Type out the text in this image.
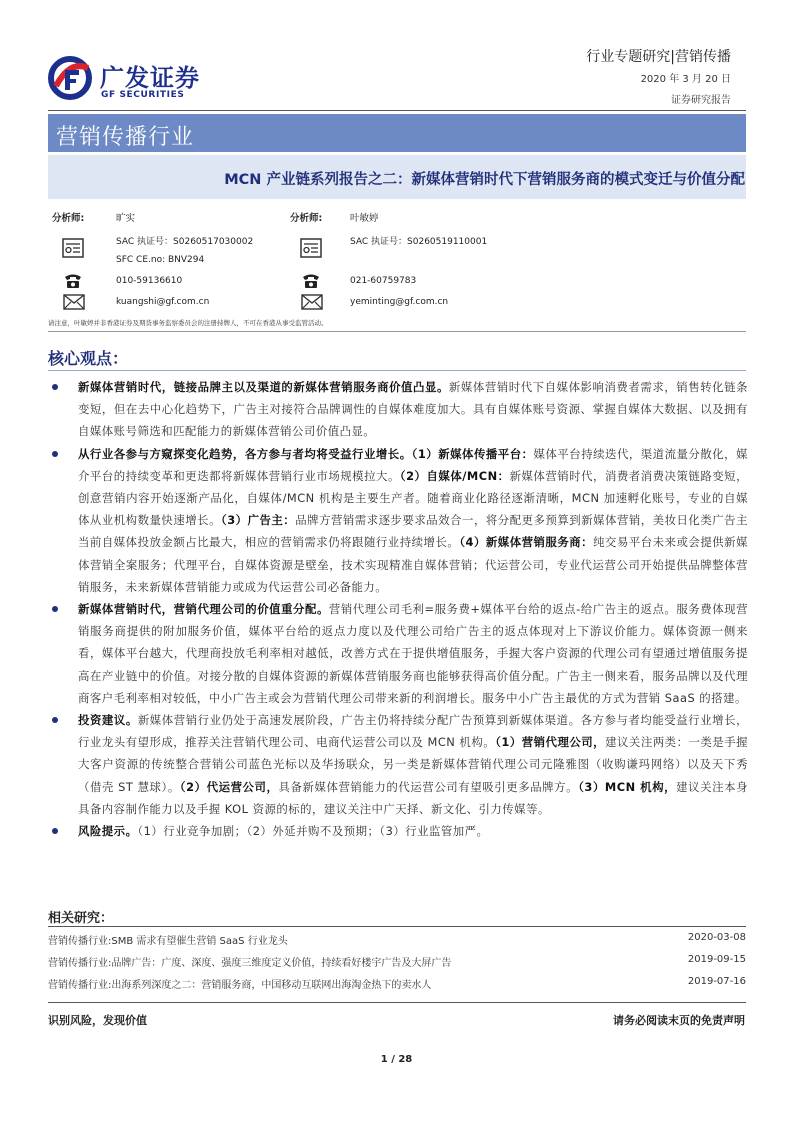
广发证券
GF SECURITIES
行业专题研究|营销传播
2020 年 3 月 20 日
证券研究报告
营销传播行业
MCN 产业链系列报告之二：新媒体营销时代下营销服务商的模式变迁与价值分配
分析师:	旷实
SAC 执证号：S0260517030002
SFC CE.no: BNV294
010-59136610
kuangshi@gf.com.cn
分析师:	叶敏婷
SAC 执证号：S0260519110001
021-60759783
yeminting@gf.com.cn
请注意，叶敏婷并非香港证券及期货事务监察委员会的注册持牌人，不可在香港从事受监管活动。
核心观点：
新媒体营销时代，链接品牌主以及渠道的新媒体营销服务商价值凸显。新媒体营销时代下自媒体影响消费者需求，销售转化链条变短，但在去中心化趋势下，广告主对接符合品牌调性的自媒体难度加大。具有自媒体账号资源、掌握自媒体大数据、以及拥有自媒体账号筛选和匹配能力的新媒体营销公司价值凸显。
从行业各参与方窥探变化趋势，各方参与者均将受益行业增长。（1）新媒体传播平台：媒体平台持续迭代，渠道流量分散化，媒介平台的持续变革和更迭都将新媒体营销行业市场规模拉大。（2）自媒体/MCN：新媒体营销时代，消费者消费决策链路变短，创意营销内容开始逐渐产品化，自媒体/MCN 机构是主要生产者。随着商业化路径逐渐清晰，MCN 加速孵化账号，专业的自媒体从业机构数量快速增长。（3）广告主：品牌方营销需求逐步要求品效合一，将分配更多预算到新媒体营销，美妆日化类广告主当前自媒体投放金额占比最大，相应的营销需求仍将跟随行业持续增长。（4）新媒体营销服务商：纯交易平台未来或会提供新媒体营销全案服务；代理平台，自媒体资源是壁垒，技术实现精准自媒体营销；代运营公司，专业代运营公司开始提供品牌整体营销服务，未来新媒体营销能力或成为代运营公司必备能力。
新媒体营销时代，营销代理公司的价值重分配。营销代理公司毛利=服务费+媒体平台给的返点-给广告主的返点。服务费体现营销服务商提供的附加服务价值，媒体平台给的返点力度以及代理公司给广告主的返点体现对上下游议价能力。媒体资源一侧来看，媒体平台越大，代理商投放毛利率相对越低，改善方式在于提供增值服务，手握大客户资源的代理公司有望通过增值服务提高在产业链中的价值。对接分散的自媒体资源的新媒体营销服务商也能够获得高价值分配。广告主一侧来看，服务品牌以及代理商客户毛利率相对较低，中小广告主或会为营销代理公司带来新的利润增长。服务中小广告主最优的方式为营销 SaaS 的搭建。
投资建议。新媒体营销行业仍处于高速发展阶段，广告主仍将持续分配广告预算到新媒体渠道。各方参与者均能受益行业增长，行业龙头有望形成，推荐关注营销代理公司、电商代运营公司以及 MCN 机构。（1）营销代理公司，建议关注两类：一类是手握大客户资源的传统整合营销公司蓝色光标以及华扬联众，另一类是新媒体营销代理公司元隆雅图（收购谦玛网络）以及天下秀（借壳 ST 慧球）。（2）代运营公司，具备新媒体营销能力的代运营公司有望吸引更多品牌方。（3）MCN 机构，建议关注本身具备内容制作能力以及手握 KOL 资源的标的，建议关注中广天择、新文化、引力传媒等。
风险提示。（1）行业竞争加剧；（2）外延并购不及预期；（3）行业监管加严。
相关研究：
营销传播行业:SMB 需求有望催生营销 SaaS 行业龙头	2020-03-08
营销传播行业:品牌广告：广度、深度、强度三维度定义价值，持续看好楼宇广告及大屏广告	2019-09-15
营销传播行业:出海系列深度之二：营销服务商，中国移动互联网出海淘金热下的卖水人	2019-07-16
识别风险，发现价值	请务必阅读末页的免责声明
1 / 28
